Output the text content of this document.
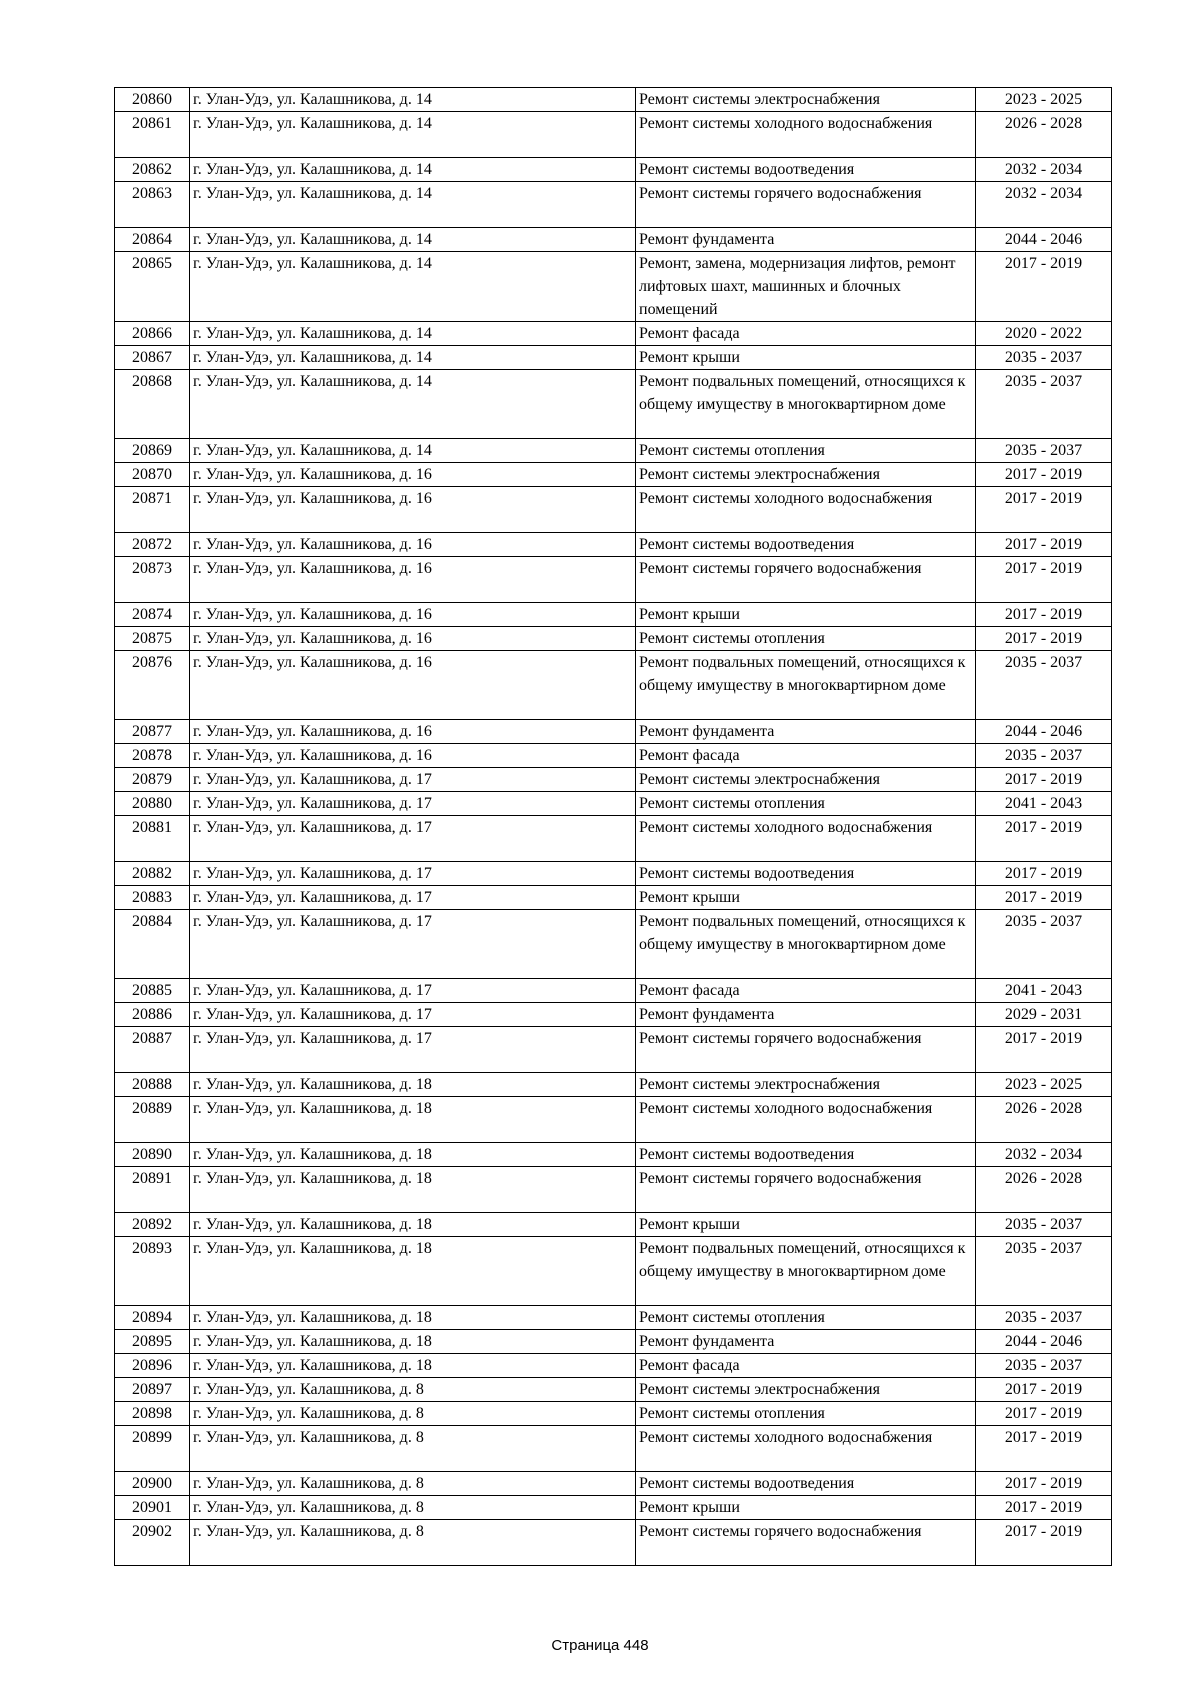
20860	г. Улан-Удэ, ул. Калашникова, д. 14	Ремонт системы электроснабжения	2023 - 2025
20861	г. Улан-Удэ, ул. Калашникова, д. 14	Ремонт системы холодного водоснабжения	2026 - 2028
20862	г. Улан-Удэ, ул. Калашникова, д. 14	Ремонт системы водоотведения	2032 - 2034
20863	г. Улан-Удэ, ул. Калашникова, д. 14	Ремонт системы горячего водоснабжения	2032 - 2034
20864	г. Улан-Удэ, ул. Калашникова, д. 14	Ремонт фундамента	2044 - 2046
20865	г. Улан-Удэ, ул. Калашникова, д. 14	Ремонт, замена, модернизация лифтов, ремонт лифтовых шахт, машинных и блочных помещений	2017 - 2019
20866	г. Улан-Удэ, ул. Калашникова, д. 14	Ремонт фасада	2020 - 2022
20867	г. Улан-Удэ, ул. Калашникова, д. 14	Ремонт крыши	2035 - 2037
20868	г. Улан-Удэ, ул. Калашникова, д. 14	Ремонт подвальных помещений, относящихся к общему имуществу в многоквартирном доме	2035 - 2037
20869	г. Улан-Удэ, ул. Калашникова, д. 14	Ремонт системы отопления	2035 - 2037
20870	г. Улан-Удэ, ул. Калашникова, д. 16	Ремонт системы электроснабжения	2017 - 2019
20871	г. Улан-Удэ, ул. Калашникова, д. 16	Ремонт системы холодного водоснабжения	2017 - 2019
20872	г. Улан-Удэ, ул. Калашникова, д. 16	Ремонт системы водоотведения	2017 - 2019
20873	г. Улан-Удэ, ул. Калашникова, д. 16	Ремонт системы горячего водоснабжения	2017 - 2019
20874	г. Улан-Удэ, ул. Калашникова, д. 16	Ремонт крыши	2017 - 2019
20875	г. Улан-Удэ, ул. Калашникова, д. 16	Ремонт системы отопления	2017 - 2019
20876	г. Улан-Удэ, ул. Калашникова, д. 16	Ремонт подвальных помещений, относящихся к общему имуществу в многоквартирном доме	2035 - 2037
20877	г. Улан-Удэ, ул. Калашникова, д. 16	Ремонт фундамента	2044 - 2046
20878	г. Улан-Удэ, ул. Калашникова, д. 16	Ремонт фасада	2035 - 2037
20879	г. Улан-Удэ, ул. Калашникова, д. 17	Ремонт системы электроснабжения	2017 - 2019
20880	г. Улан-Удэ, ул. Калашникова, д. 17	Ремонт системы отопления	2041 - 2043
20881	г. Улан-Удэ, ул. Калашникова, д. 17	Ремонт системы холодного водоснабжения	2017 - 2019
20882	г. Улан-Удэ, ул. Калашникова, д. 17	Ремонт системы водоотведения	2017 - 2019
20883	г. Улан-Удэ, ул. Калашникова, д. 17	Ремонт крыши	2017 - 2019
20884	г. Улан-Удэ, ул. Калашникова, д. 17	Ремонт подвальных помещений, относящихся к общему имуществу в многоквартирном доме	2035 - 2037
20885	г. Улан-Удэ, ул. Калашникова, д. 17	Ремонт фасада	2041 - 2043
20886	г. Улан-Удэ, ул. Калашникова, д. 17	Ремонт фундамента	2029 - 2031
20887	г. Улан-Удэ, ул. Калашникова, д. 17	Ремонт системы горячего водоснабжения	2017 - 2019
20888	г. Улан-Удэ, ул. Калашникова, д. 18	Ремонт системы электроснабжения	2023 - 2025
20889	г. Улан-Удэ, ул. Калашникова, д. 18	Ремонт системы холодного водоснабжения	2026 - 2028
20890	г. Улан-Удэ, ул. Калашникова, д. 18	Ремонт системы водоотведения	2032 - 2034
20891	г. Улан-Удэ, ул. Калашникова, д. 18	Ремонт системы горячего водоснабжения	2026 - 2028
20892	г. Улан-Удэ, ул. Калашникова, д. 18	Ремонт крыши	2035 - 2037
20893	г. Улан-Удэ, ул. Калашникова, д. 18	Ремонт подвальных помещений, относящихся к общему имуществу в многоквартирном доме	2035 - 2037
20894	г. Улан-Удэ, ул. Калашникова, д. 18	Ремонт системы отопления	2035 - 2037
20895	г. Улан-Удэ, ул. Калашникова, д. 18	Ремонт фундамента	2044 - 2046
20896	г. Улан-Удэ, ул. Калашникова, д. 18	Ремонт фасада	2035 - 2037
20897	г. Улан-Удэ, ул. Калашникова, д. 8	Ремонт системы электроснабжения	2017 - 2019
20898	г. Улан-Удэ, ул. Калашникова, д. 8	Ремонт системы отопления	2017 - 2019
20899	г. Улан-Удэ, ул. Калашникова, д. 8	Ремонт системы холодного водоснабжения	2017 - 2019
20900	г. Улан-Удэ, ул. Калашникова, д. 8	Ремонт системы водоотведения	2017 - 2019
20901	г. Улан-Удэ, ул. Калашникова, д. 8	Ремонт крыши	2017 - 2019
20902	г. Улан-Удэ, ул. Калашникова, д. 8	Ремонт системы горячего водоснабжения	2017 - 2019
Страница 448
